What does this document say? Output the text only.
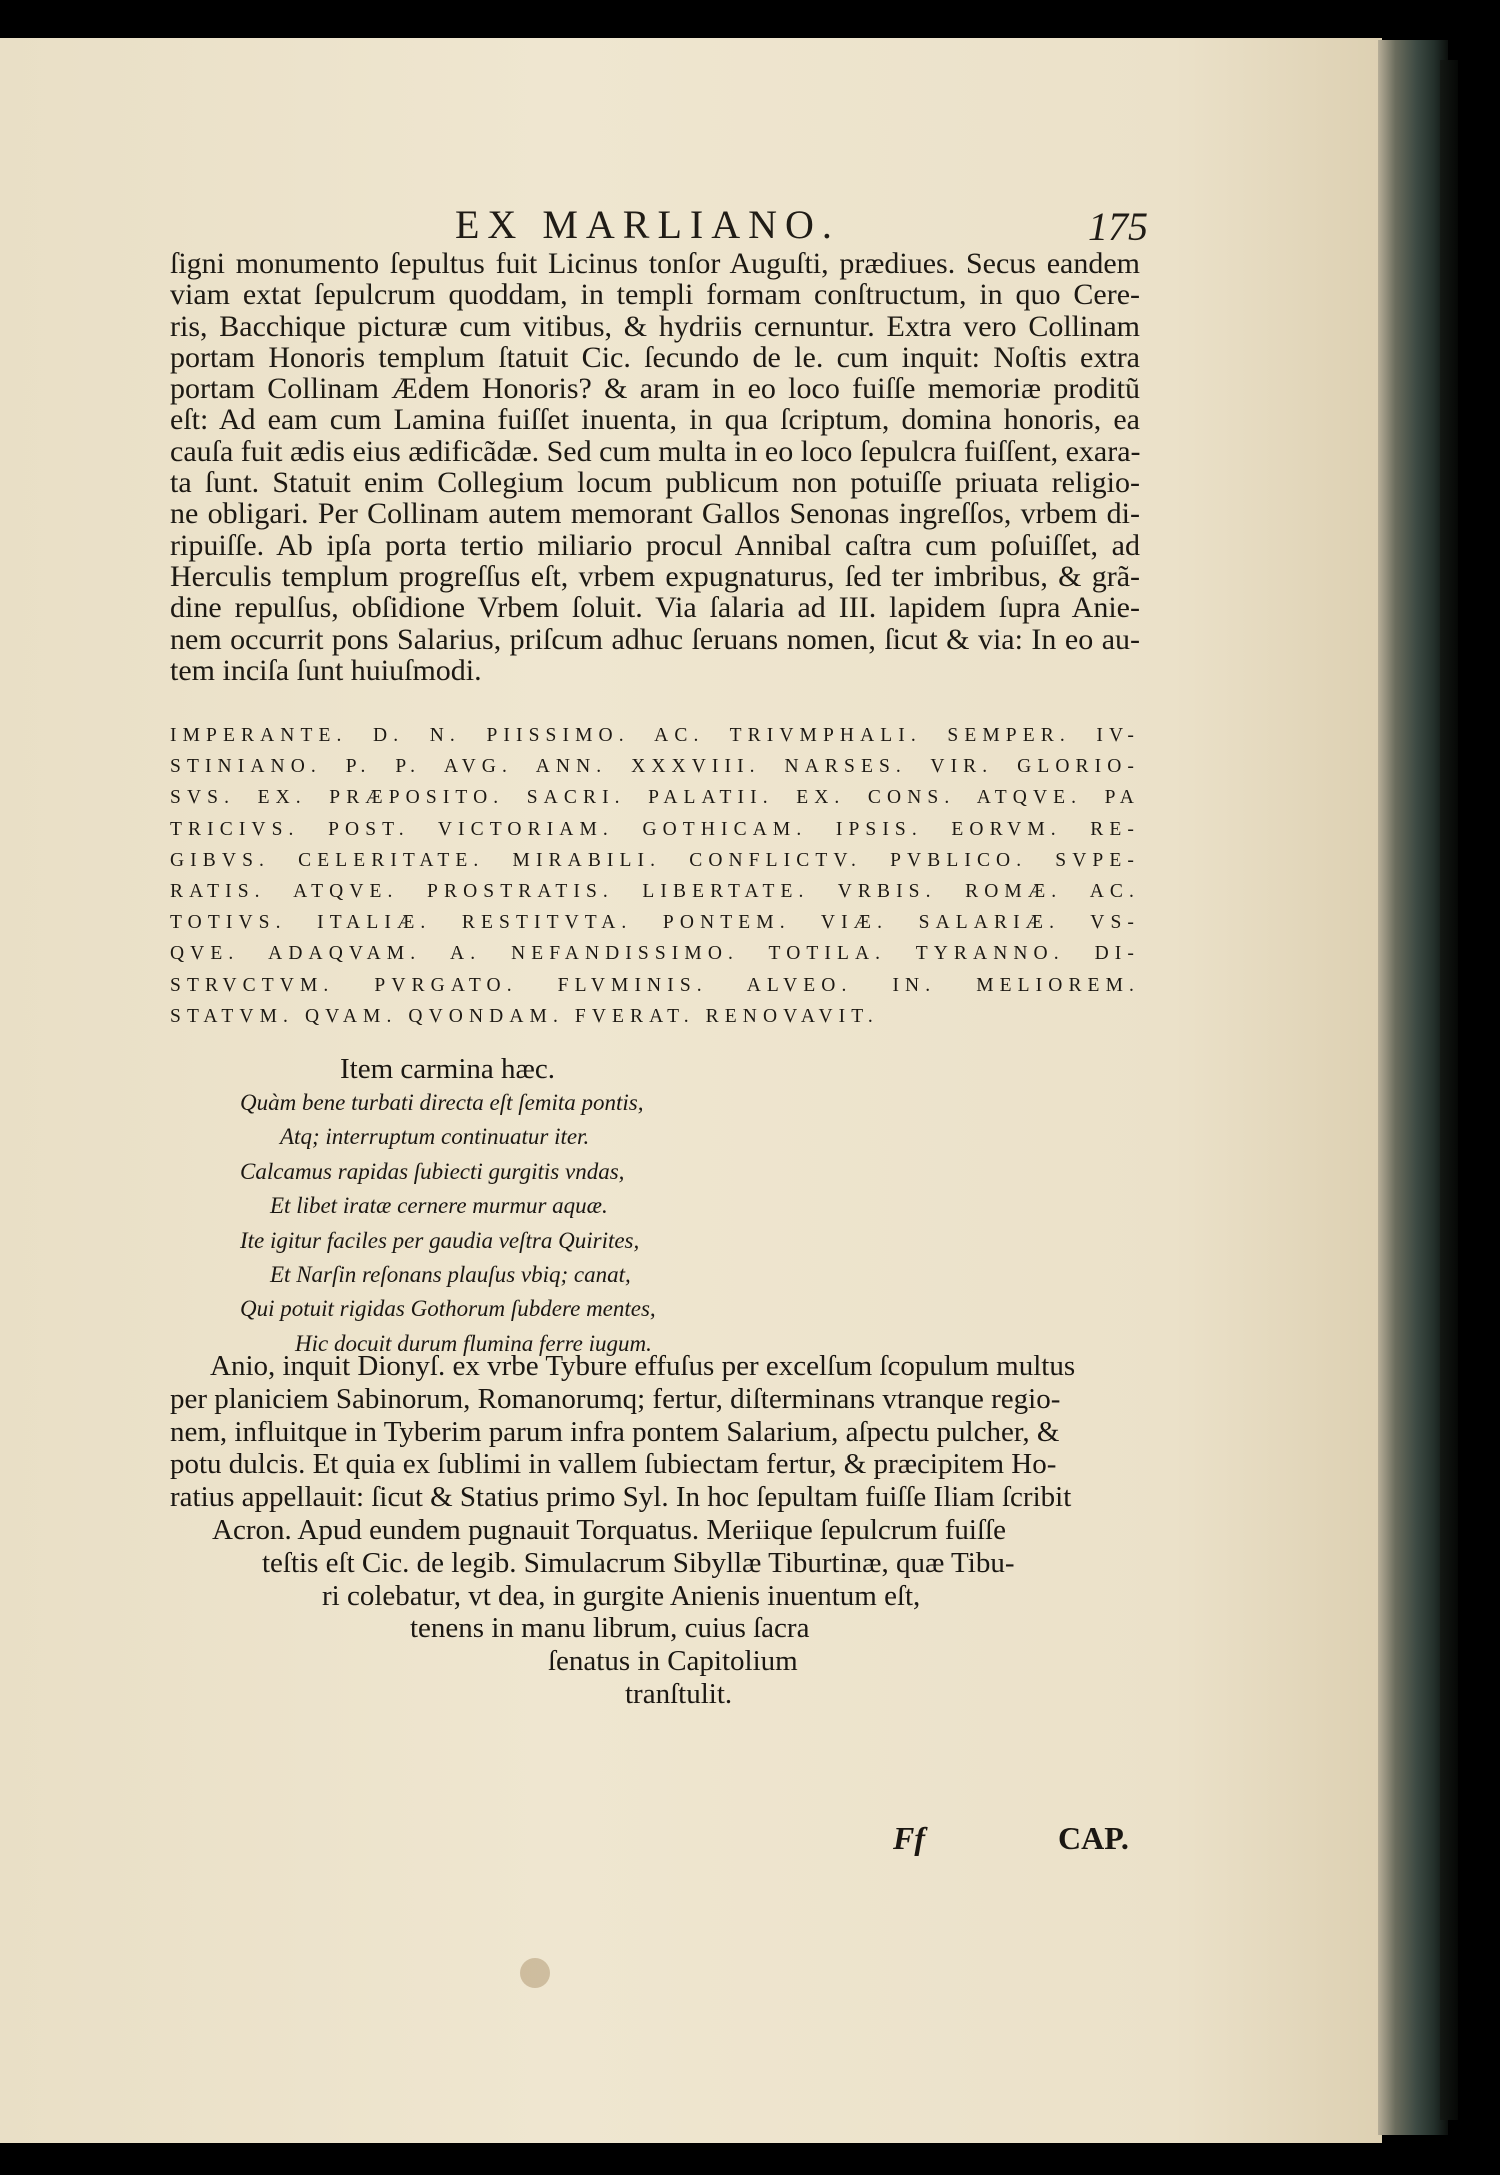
EX MARLIANO.	175

ſigni monumento ſepultus fuit Licinus tonſor Auguſti, prædiues. Secus eandem

viam extat ſepulcrum quoddam, in templi formam conſtructum, in quo Cere-

ris, Bacchique picturæ cum vitibus, & hydriis cernuntur. Extra vero Collinam

portam Honoris templum ſtatuit Cic. ſecundo de le. cum inquit: Noſtis extra

portam Collinam Ædem Honoris? & aram in eo loco fuiſſe memoriæ proditũ

eſt: Ad eam cum Lamina fuiſſet inuenta, in qua ſcriptum, domina honoris, ea

cauſa fuit ædis eius ædificãdæ. Sed cum multa in eo loco ſepulcra fuiſſent, exara-

ta ſunt. Statuit enim Collegium locum publicum non potuiſſe priuata religio-

ne obligari. Per Collinam autem memorant Gallos Senonas ingreſſos, vrbem di-

ripuiſſe. Ab ipſa porta tertio miliario procul Annibal caſtra cum poſuiſſet, ad

Herculis templum progreſſus eſt, vrbem expugnaturus, ſed ter imbribus, & grã-

dine repulſus, obſidione Vrbem ſoluit. Via ſalaria ad III. lapidem ſupra Anie-

nem occurrit pons Salarius, priſcum adhuc ſeruans nomen, ſicut & via: In eo au-

tem inciſa ſunt huiuſmodi.

IMPERANTE. D. N. PIISSIMO. AC. TRIVMPHALI. SEMPER. IV-

STINIANO. P. P. AVG. ANN. XXXVIII. NARSES. VIR. GLORIO-

SVS. EX. PRÆPOSITO. SACRI. PALATII. EX. CONS. ATQVE. PA

TRICIVS. POST. VICTORIAM. GOTHICAM. IPSIS. EORVM. RE-

GIBVS. CELERITATE. MIRABILI. CONFLICTV. PVBLICO. SVPE-

RATIS. ATQVE. PROSTRATIS. LIBERTATE. VRBIS. ROMÆ. AC.

TOTIVS. ITALIÆ. RESTITVTA. PONTEM. VIÆ. SALARIÆ. VS-

QVE. ADAQVAM. A. NEFANDISSIMO. TOTILA. TYRANNO. DI-

STRVCTVM. PVRGATO. FLVMINIS. ALVEO. IN. MELIOREM.

STATVM. QVAM. QVONDAM. FVERAT. RENOVAVIT.

Item carmina hæc.

Quàm bene turbati directa eſt ſemita pontis,

Atq; interruptum continuatur iter.

Calcamus rapidas ſubiecti gurgitis vndas,

Et libet iratæ cernere murmur aquæ.

Ite igitur faciles per gaudia veſtra Quirites,

Et Narſin reſonans plauſus vbiq; canat,

Qui potuit rigidas Gothorum ſubdere mentes,

Hic docuit durum flumina ferre iugum.

Anio, inquit Dionyſ. ex vrbe Tybure effuſus per excelſum ſcopulum multus

per planiciem Sabinorum, Romanorumq; fertur, diſterminans vtranque regio-

nem, influitque in Tyberim parum infra pontem Salarium, aſpectu pulcher, &

potu dulcis. Et quia ex ſublimi in vallem ſubiectam fertur, & præcipitem Ho-

ratius appellauit: ſicut & Statius primo Syl. In hoc ſepultam fuiſſe Iliam ſcribit

Acron. Apud eundem pugnauit Torquatus. Meriique ſepulcrum fuiſſe

teſtis eſt Cic. de legib. Simulacrum Sibyllæ Tiburtinæ, quæ Tibu-

ri colebatur, vt dea, in gurgite Anienis inuentum eſt,

tenens in manu librum, cuius ſacra

ſenatus in Capitolium

tranſtulit.

Ff	CAP.
